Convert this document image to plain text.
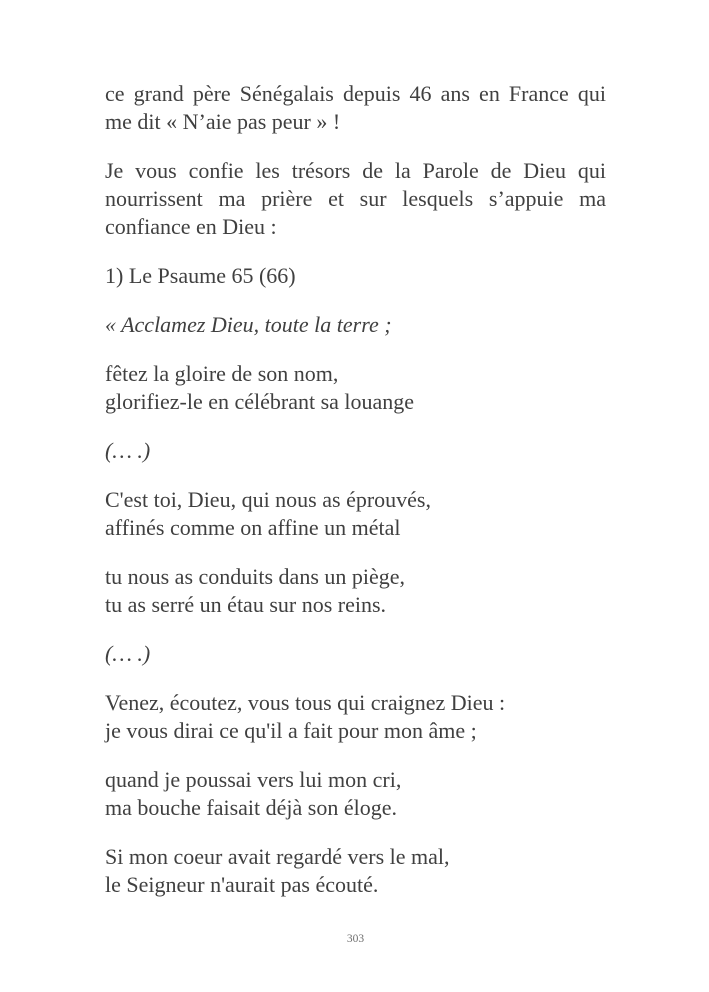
ce grand père Sénégalais depuis 46 ans en France qui
me dit « N’aie pas peur » !

Je vous confie les trésors de la Parole de Dieu qui
nourrissent ma prière et sur lesquels s’appuie ma
confiance en Dieu :

1) Le Psaume 65 (66)

« Acclamez Dieu, toute la terre ;

fêtez la gloire de son nom,
glorifiez-le en célébrant sa louange

(… .)

C'est toi, Dieu, qui nous as éprouvés,
affinés comme on affine un métal

tu nous as conduits dans un piège,
tu as serré un étau sur nos reins.

(… .)

Venez, écoutez, vous tous qui craignez Dieu :
je vous dirai ce qu'il a fait pour mon âme ;

quand je poussai vers lui mon cri,
ma bouche faisait déjà son éloge.

Si mon coeur avait regardé vers le mal,
le Seigneur n'aurait pas écouté.

303
